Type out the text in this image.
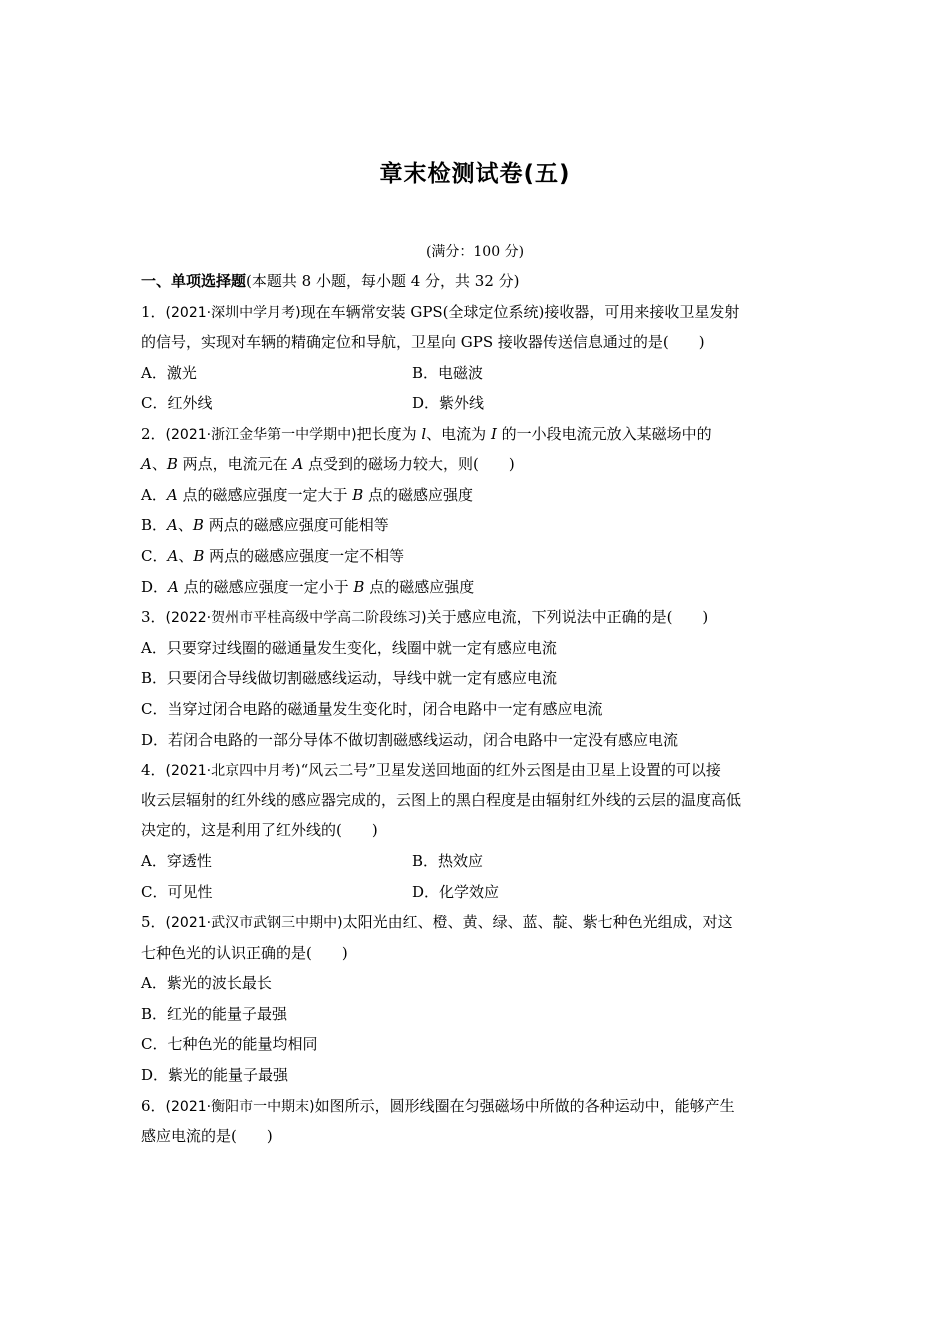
章末检测试卷(五)
(满分：100 分)
一、单项选择题(本题共 8 小题，每小题 4 分，共 32 分)
1．(2021·深圳中学月考)现在车辆常安装 GPS(全球定位系统)接收器，可用来接收卫星发射
的信号，实现对车辆的精确定位和导航，卫星向 GPS 接收器传送信息通过的是(　　)
A．激光	B．电磁波
C．红外线	D．紫外线
2．(2021·浙江金华第一中学期中)把长度为 l、电流为 I 的一小段电流元放入某磁场中的
A、B 两点，电流元在 A 点受到的磁场力较大，则(　　)
A．A 点的磁感应强度一定大于 B 点的磁感应强度
B．A、B 两点的磁感应强度可能相等
C．A、B 两点的磁感应强度一定不相等
D．A 点的磁感应强度一定小于 B 点的磁感应强度
3．(2022·贺州市平桂高级中学高二阶段练习)关于感应电流，下列说法中正确的是(　　)
A．只要穿过线圈的磁通量发生变化，线圈中就一定有感应电流
B．只要闭合导线做切割磁感线运动，导线中就一定有感应电流
C．当穿过闭合电路的磁通量发生变化时，闭合电路中一定有感应电流
D．若闭合电路的一部分导体不做切割磁感线运动，闭合电路中一定没有感应电流
4．(2021·北京四中月考)“风云二号”卫星发送回地面的红外云图是由卫星上设置的可以接
收云层辐射的红外线的感应器完成的，云图上的黑白程度是由辐射红外线的云层的温度高低
决定的，这是利用了红外线的(　　)
A．穿透性	B．热效应
C．可见性	D．化学效应
5．(2021·武汉市武钢三中期中)太阳光由红、橙、黄、绿、蓝、靛、紫七种色光组成，对这
七种色光的认识正确的是(　　)
A．紫光的波长最长
B．红光的能量子最强
C．七种色光的能量均相同
D．紫光的能量子最强
6．(2021·衡阳市一中期末)如图所示，圆形线圈在匀强磁场中所做的各种运动中，能够产生
感应电流的是(　　)
